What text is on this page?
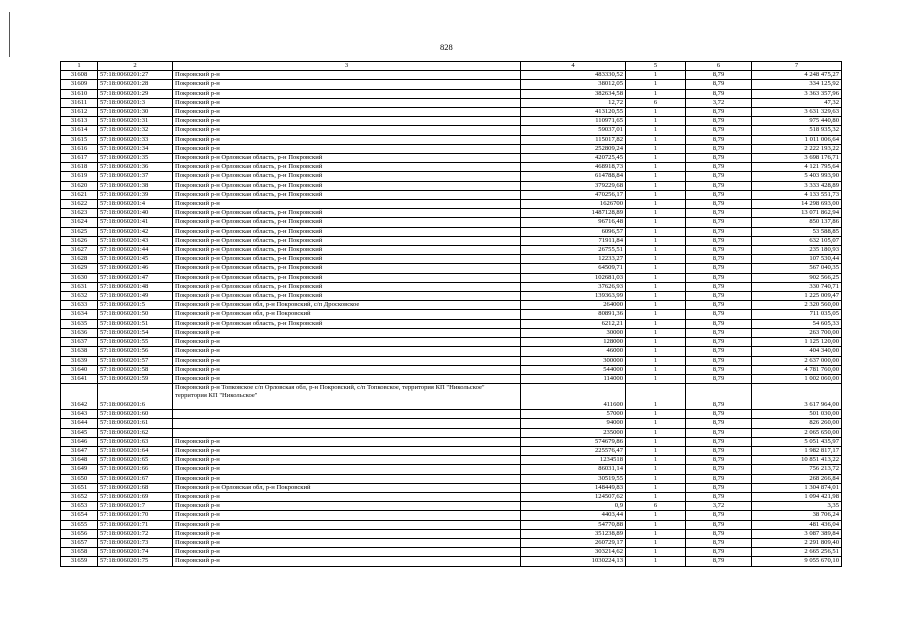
828
1	2	3	4	5	6	7
31608	57:18:0060201:27	Покровский р-н	483330,52	1	8,79	4 248 475,27
31609	57:18:0060201:28	Покровский р-н	38012,05	1	8,79	334 125,92
31610	57:18:0060201:29	Покровский р-н	382634,58	1	8,79	3 363 357,96
31611	57:18:0060201:3	Покровский р-н	12,72	6	3,72	47,32
31612	57:18:0060201:30	Покровский р-н	413120,55	1	8,79	3 631 329,63
31613	57:18:0060201:31	Покровский р-н	110971,65	1	8,79	975 440,80
31614	57:18:0060201:32	Покровский р-н	59037,01	1	8,79	518 935,32
31615	57:18:0060201:33	Покровский р-н	115017,82	1	8,79	1 011 006,64
31616	57:18:0060201:34	Покровский р-н	252809,24	1	8,79	2 222 193,22
31617	57:18:0060201:35	Покровский р-н Орловская область, р-н Покровский	420725,45	1	8,79	3 698 176,71
31618	57:18:0060201:36	Покровский р-н Орловская область, р-н Покровский	468918,73	1	8,79	4 121 795,64
31619	57:18:0060201:37	Покровский р-н Орловская область, р-н Покровский	614788,84	1	8,79	5 403 993,90
31620	57:18:0060201:38	Покровский р-н Орловская область, р-н Покровский	379229,68	1	8,79	3 333 428,89
31621	57:18:0060201:39	Покровский р-н Орловская область, р-н Покровский	470256,17	1	8,79	4 133 551,73
31622	57:18:0060201:4	Покровский р-н	1626700	1	8,79	14 298 693,00
31623	57:18:0060201:40	Покровский р-н Орловская область, р-н Покровский	1487128,89	1	8,79	13 071 862,94
31624	57:18:0060201:41	Покровский р-н Орловская область, р-н Покровский	96716,48	1	8,79	850 137,86
31625	57:18:0060201:42	Покровский р-н Орловская область, р-н Покровский	6096,57	1	8,79	53 588,85
31626	57:18:0060201:43	Покровский р-н Орловская область, р-н Покровский	71911,84	1	8,79	632 105,07
31627	57:18:0060201:44	Покровский р-н Орловская область, р-н Покровский	26755,51	1	8,79	235 180,93
31628	57:18:0060201:45	Покровский р-н Орловская область, р-н Покровский	12233,27	1	8,79	107 530,44
31629	57:18:0060201:46	Покровский р-н Орловская область, р-н Покровский	64509,71	1	8,79	567 040,35
31630	57:18:0060201:47	Покровский р-н Орловская область, р-н Покровский	102681,03	1	8,79	902 566,25
31631	57:18:0060201:48	Покровский р-н Орловская область, р-н Покровский	37626,93	1	8,79	330 740,71
31632	57:18:0060201:49	Покровский р-н Орловская область, р-н Покровский	139363,99	1	8,79	1 225 009,47
31633	57:18:0060201:5	Покровский р-н Орловская обл, р-н Покровский, с/п Дросковское	264000	1	8,79	2 320 560,00
31634	57:18:0060201:50	Покровский р-н Орловская обл, р-н Покровский	80891,36	1	8,79	711 035,05
31635	57:18:0060201:51	Покровский р-н Орловская область, р-н Покровский	6212,21	1	8,79	54 605,33
31636	57:18:0060201:54	Покровский р-н	30000	1	8,79	263 700,00
31637	57:18:0060201:55	Покровский р-н	128000	1	8,79	1 125 120,00
31638	57:18:0060201:56	Покровский р-н	46000	1	8,79	404 340,00
31639	57:18:0060201:57	Покровский р-н	300000	1	8,79	2 637 000,00
31640	57:18:0060201:58	Покровский р-н	544000	1	8,79	4 781 760,00
31641	57:18:0060201:59	Покровский р-н	114000	1	8,79	1 002 060,00
31642	57:18:0060201:6	Покровский р-н Топковское с/п Орловская обл, р-н Покровский, с/п Топковское, территория КП "Никольское" территория КП "Никольское"	411600	1	8,79	3 617 964,00
31643	57:18:0060201:60		57000	1	8,79	501 030,00
31644	57:18:0060201:61		94000	1	8,79	826 260,00
31645	57:18:0060201:62		235000	1	8,79	2 065 650,00
31646	57:18:0060201:63	Покровский р-н	574679,86	1	8,79	5 051 435,97
31647	57:18:0060201:64	Покровский р-н	225576,47	1	8,79	1 982 817,17
31648	57:18:0060201:65	Покровский р-н	1234518	1	8,79	10 851 413,22
31649	57:18:0060201:66	Покровский р-н	86031,14	1	8,79	756 213,72
31650	57:18:0060201:67	Покровский р-н	30519,55	1	8,79	268 266,84
31651	57:18:0060201:68	Покровский р-н Орловская обл, р-н Покровский	148449,83	1	8,79	1 304 874,01
31652	57:18:0060201:69	Покровский р-н	124507,62	1	8,79	1 094 421,98
31653	57:18:0060201:7	Покровский р-н	0,9	6	3,72	3,35
31654	57:18:0060201:70	Покровский р-н	4403,44	1	8,79	38 706,24
31655	57:18:0060201:71	Покровский р-н	54770,88	1	8,79	481 436,04
31656	57:18:0060201:72	Покровский р-н	351238,89	1	8,79	3 087 389,84
31657	57:18:0060201:73	Покровский р-н	260729,17	1	8,79	2 291 809,40
31658	57:18:0060201:74	Покровский р-н	303214,62	1	8,79	2 665 256,51
31659	57:18:0060201:75	Покровский р-н	1030224,13	1	8,79	9 055 670,10
